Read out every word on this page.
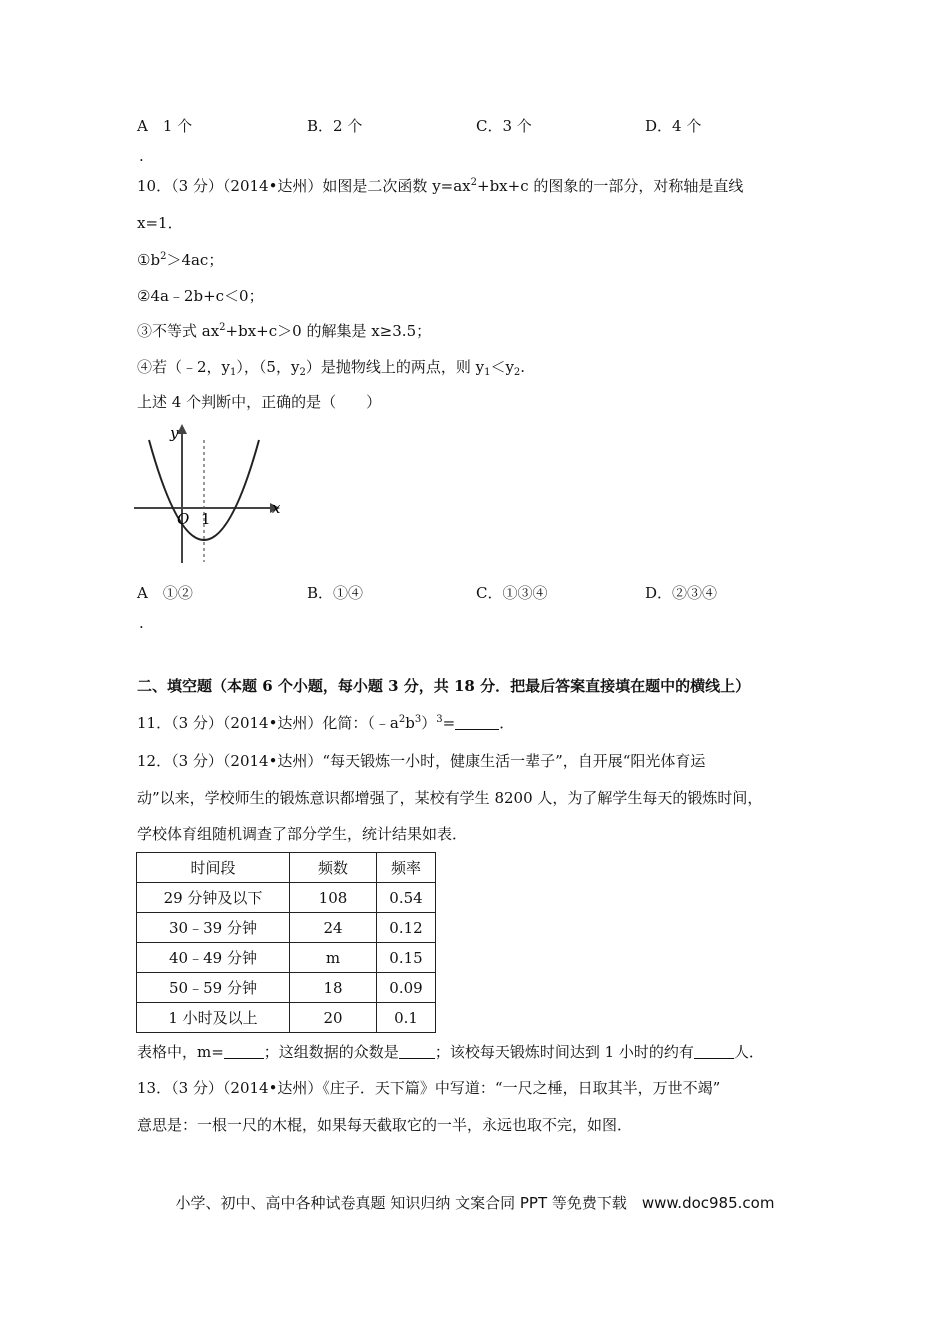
A　1 个	B．2 个	C．3 个	D．4 个
.
10．（3 分）（2014•达州）如图是二次函数 $y=ax^2+bx+c$ 的图象的一部分，对称轴是直线
x=1．
$①b^2>4ac$；
②4a﹣2b+c＜0；
③不等式 $ax^2+bx+c>0$ 的解集是 x≥3.5；
④若（﹣2，$y_1$），（5，$y_2$）是抛物线上的两点，则 $y_1<y_2$.
上述 4 个判断中，正确的是（　　）
y
x
O 1
A　①②	B．①④	C．①③④	D．②③④
.
二、填空题（本题 6 个小题，每小题 3 分，共 18 分．把最后答案直接填在题中的横线上）
11．（3 分）（2014•达州）化简：$(﹣a^2b^3)^3=$	．
12．（3 分）（2014•达州）“每天锻炼一小时，健康生活一辈子”，自开展“阳光体育运
动”以来，学校师生的锻炼意识都增强了，某校有学生 8200 人，为了解学生每天的锻炼时间，
学校体育组随机调查了部分学生，统计结果如表．
时间段	频数	频率
29 分钟及以下	108	0.54
30﹣39 分钟	24	0.12
40﹣49 分钟	m	0.15
50﹣59 分钟	18	0.09
1 小时及以上	20	0.1
表格中，m=	；这组数据的众数是 ；该校每天锻炼时间达到 1 小时的约有	人．
13．（3 分）（2014•达州）《庄子．天下篇》中写道：“一尺之棰，日取其半，万世不竭”
意思是：一根一尺的木棍，如果每天截取它的一半，永远也取不完，如图．
小学、初中、高中各种试卷真题 知识归纳 文案合同 PPT 等免费下载　www.doc985.com
